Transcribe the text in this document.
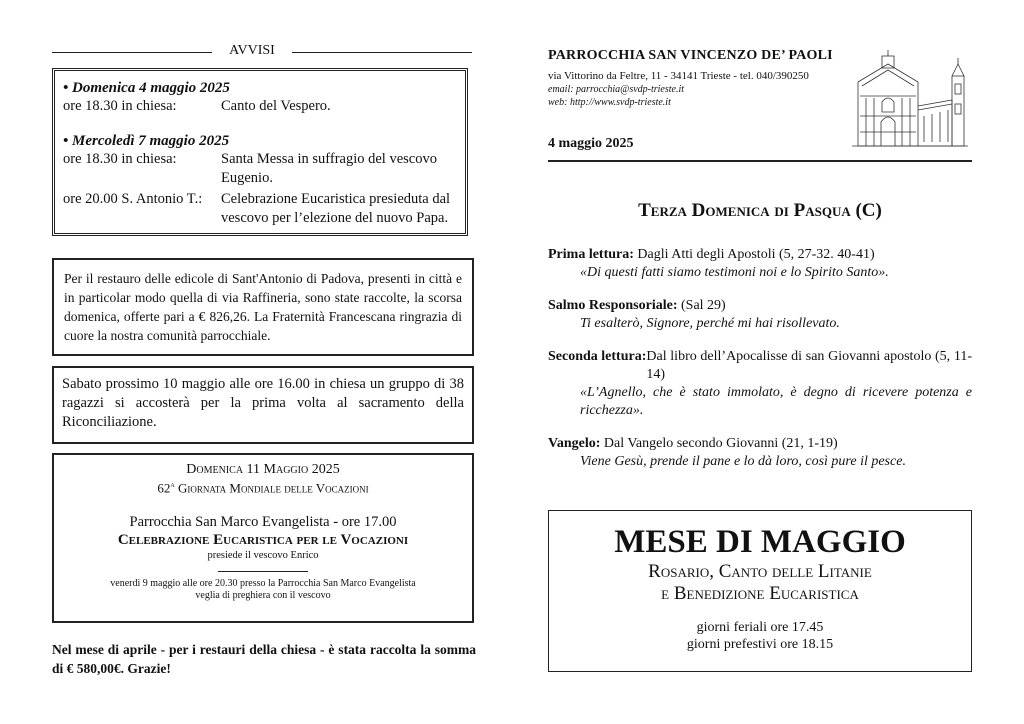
AVVISI
• Domenica 4 maggio 2025
ore 18.30 in chiesa:	Canto del Vespero.
• Mercoledì 7 maggio 2025
ore 18.30 in chiesa:	Santa Messa in suffragio del vescovo Eugenio.
ore 20.00 S. Antonio T.:	Celebrazione Eucaristica presieduta dal vescovo per l’elezione del nuovo Papa.
Per il restauro delle edicole di Sant'Antonio di Padova, presenti in città e in particolar modo quella di via Raffineria, sono state raccolte, la scorsa domenica, offerte pari a € 826,26. La Fraternità Francescana ringrazia di cuore la nostra comunità parrocchiale.
Sabato prossimo 10 maggio alle ore 16.00 in chiesa un gruppo di 38 ragazzi si accosterà per la prima volta al sacramento della Riconciliazione.
Domenica 11 Maggio 2025
62$^a$ Giornata Mondiale delle Vocazioni
Parrocchia San Marco Evangelista - ore 17.00
Celebrazione Eucaristica per le Vocazioni
presiede il vescovo Enrico
venerdì 9 maggio alle ore 20.30 presso la Parrocchia San Marco Evangelista
veglia di preghiera con il vescovo
Nel mese di aprile - per i restauri della chiesa - è stata raccolta la somma di € 580,00€. Grazie!
PARROCCHIA SAN VINCENZO DE’ PAOLI
via Vittorino da Feltre, 11 - 34141 Trieste - tel. 040/390250
email: parrocchia@svdp-trieste.it
web: http://www.svdp-trieste.it
4 maggio 2025
Terza Domenica di Pasqua (C)
Prima lettura: Dagli Atti degli Apostoli (5, 27-32. 40-41)
«Di questi fatti siamo testimoni noi e lo Spirito Santo».
Salmo Responsoriale: (Sal 29)
Ti esalterò, Signore, perché mi hai risollevato.
Seconda lettura: Dal libro dell’Apocalisse di san Giovanni apostolo (5, 11-14)
«L’Agnello, che è stato immolato, è degno di ricevere potenza e ricchezza».
Vangelo: Dal Vangelo secondo Giovanni (21, 1-19)
Viene Gesù, prende il pane e lo dà loro, così pure il pesce.
MESE DI MAGGIO
Rosario, Canto delle Litanie
e Benedizione Eucaristica
giorni feriali ore 17.45
giorni prefestivi ore 18.15
